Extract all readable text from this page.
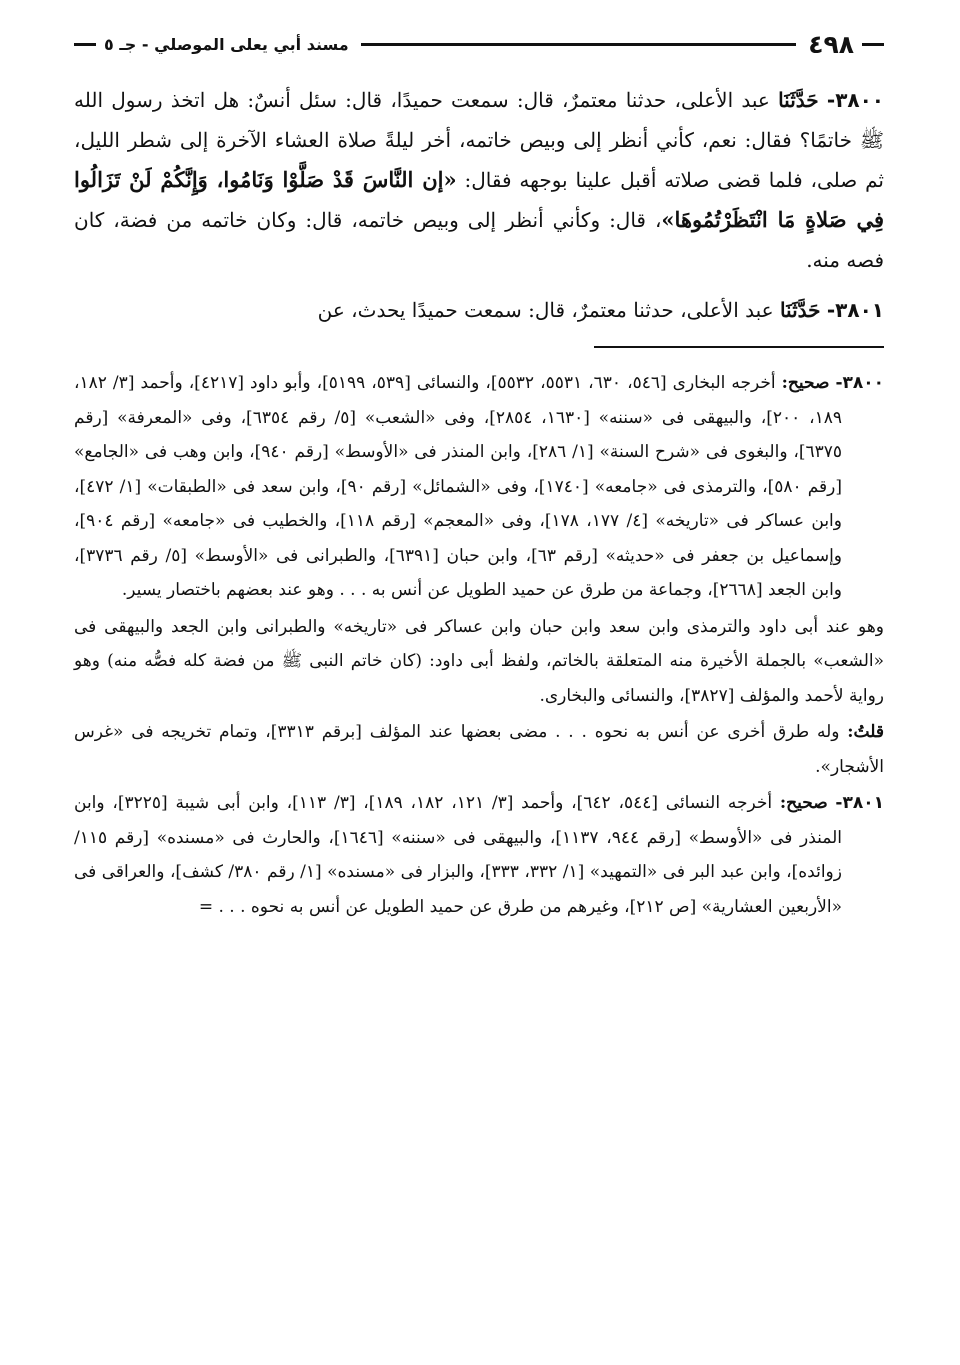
٤٩٨
مسند أبي يعلى الموصلي - جـ ٥

٣٨٠٠- حَدَّثَنَا عبد الأعلى، حدثنا معتمرٌ، قال: سمعت حميدًا، قال: سئل أنسٌ: هل اتخذ رسول الله ﷺ خاتمًا؟ فقال: نعم، كأني أنظر إلى وبيص خاتمه، أخر ليلةً صلاة العشاء الآخرة إلى شطر الليل، ثم صلى، فلما قضى صلاته أقبل علينا بوجهه فقال: «إن النَّاسَ قَدْ صَلَّوْا وَنَامُوا، وَإِنَّكُمْ لَنْ تَزَالُوا فِي صَلاةٍ مَا انْتَظَرْتُمُوهَا»، قال: وكأني أنظر إلى وبيص خاتمه، قال: وكان خاتمه من فضة، كان فصه منه.

٣٨٠١- حَدَّثَنَا عبد الأعلى، حدثنا معتمرٌ، قال: سمعت حميدًا يحدث، عن

٣٨٠٠- صحيح: أخرجه البخارى [٥٤٦، ٦٣٠، ٥٥٣١، ٥٥٣٢]، والنسائى [٥٣٩، ٥١٩٩]، وأبو داود [٤٢١٧]، وأحمد [٣/ ١٨٢، ١٨٩، ٢٠٠]، والبيهقى فى «سننه» [١٦٣٠، ٢٨٥٤]، وفى «الشعب» [٥/ رقم ٦٣٥٤]، وفى «المعرفة» [رقم ٦٣٧٥]، والبغوى فى «شرح السنة» [١/ ٢٨٦]، وابن المنذر فى «الأوسط» [رقم ٩٤٠]، وابن وهب فى «الجامع» [رقم ٥٨٠]، والترمذى فى «جامعه» [١٧٤٠]، وفى «الشمائل» [رقم ٩٠]، وابن سعد فى «الطبقات» [١/ ٤٧٢]، وابن عساكر فى «تاريخه» [٤/ ١٧٧، ١٧٨]، وفى «المعجم» [رقم ١١٨]، والخطيب فى «جامعه» [رقم ٩٠٤]، وإسماعيل بن جعفر فى «حديثه» [رقم ٦٣]، وابن حبان [٦٣٩١]، والطبرانى فى «الأوسط» [٥/ رقم ٣٧٣٦]، وابن الجعد [٢٦٦٨]، وجماعة من طرق عن حميد الطويل عن أنس به . . . وهو عند بعضهم باختصار يسير.

وهو عند أبى داود والترمذى وابن سعد وابن حبان وابن عساكر فى «تاريخه» والطبرانى وابن الجعد والبيهقى فى «الشعب» بالجملة الأخيرة منه المتعلقة بالخاتم، ولفظ أبى داود: (كان خاتم النبى ﷺ من فضة كله فصُّه منه) وهو رواية لأحمد والمؤلف [٣٨٢٧]، والنسائى والبخارى.

قلتُ: وله طرق أخرى عن أنس به نحوه . . . مضى بعضها عند المؤلف [برقم ٣٣١٣]، وتمام تخريجه فى «غرس الأشجار».

٣٨٠١- صحيح: أخرجه النسائى [٥٤٤، ٦٤٢]، وأحمد [٣/ ١٢١، ١٨٢، ١٨٩]، [٣/ ١١٣]، وابن أبى شيبة [٣٢٢٥]، وابن المنذر فى «الأوسط» [رقم ٩٤٤، ١١٣٧]، والبيهقى فى «سننه» [١٦٤٦]، والحارث فى «مسنده» [رقم ١١٥/ زوائده]، وابن عبد البر فى «التمهيد» [١/ ٣٣٢، ٣٣٣]، والبزار فى «مسنده» [١/ رقم ٣٨٠/ كشف]، والعراقى فى «الأربعين العشارية» [ص ٢١٢]، وغيرهم من طرق عن حميد الطويل عن أنس به نحوه . . . =
